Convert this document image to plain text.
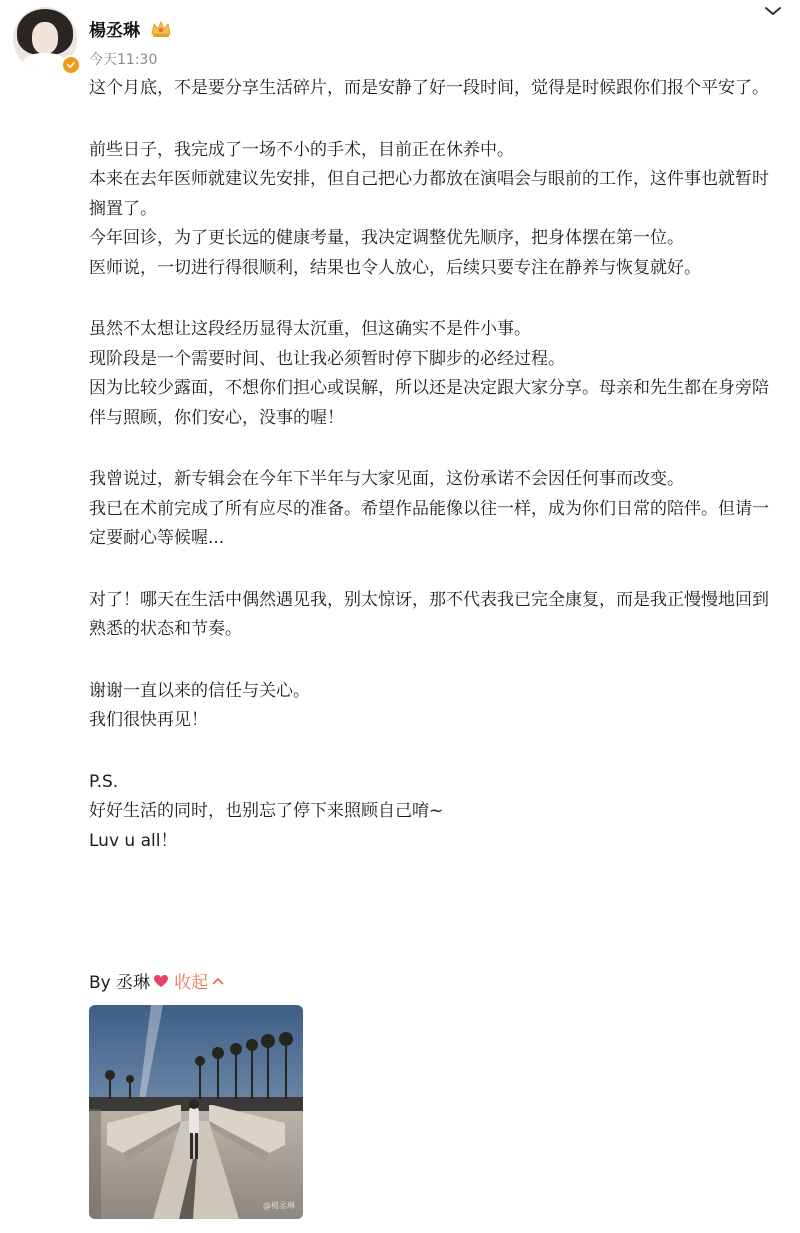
楊丞琳
今天11:30

这个月底，不是要分享生活碎片，而是安静了好一段时间，觉得是时候跟你们报个平安了。

前些日子，我完成了一场不小的手术，目前正在休养中。

本来在去年医师就建议先安排，但自己把心力都放在演唱会与眼前的工作，这件事也就暂时搁置了。

今年回诊，为了更长远的健康考量，我决定调整优先顺序，把身体摆在第一位。

医师说，一切进行得很顺利，结果也令人放心，后续只要专注在静养与恢复就好。

虽然不太想让这段经历显得太沉重，但这确实不是件小事。

现阶段是一个需要时间、也让我必须暂时停下脚步的必经过程。

因为比较少露面，不想你们担心或误解，所以还是决定跟大家分享。母亲和先生都在身旁陪伴与照顾，你们安心，没事的喔！

我曾说过，新专辑会在今年下半年与大家见面，这份承诺不会因任何事而改变。

我已在术前完成了所有应尽的准备。希望作品能像以往一样，成为你们日常的陪伴。但请一定要耐心等候喔...

对了！哪天在生活中偶然遇见我，别太惊讶，那不代表我已完全康复，而是我正慢慢地回到熟悉的状态和节奏。

谢谢一直以来的信任与关心。

我们很快再见！

P.S.

好好生活的同时，也别忘了停下来照顾自己唷~

Luv u all！

By 丞琳 收起
@楊丞琳
